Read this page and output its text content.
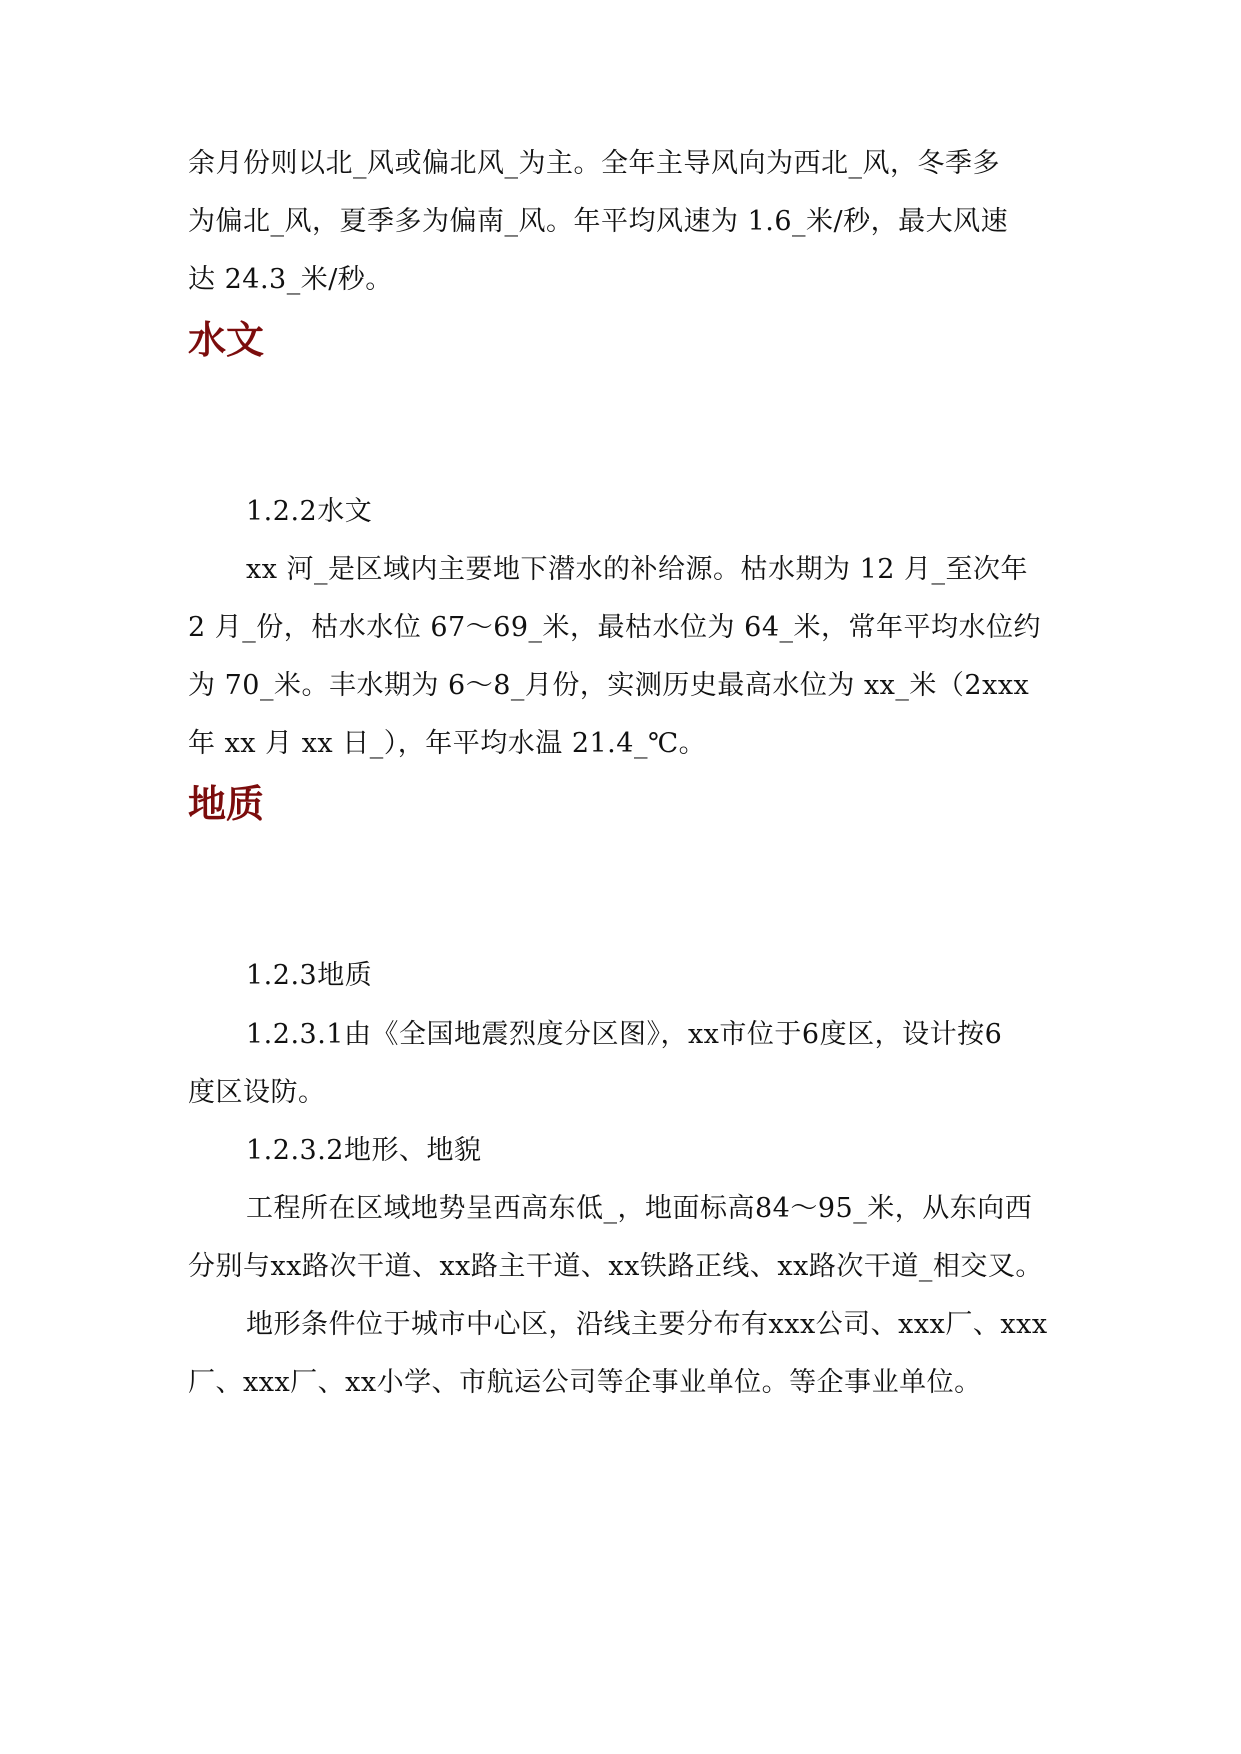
余月份则以北_风或偏北风_为主。全年主导风向为西北_风，冬季多
为偏北_风，夏季多为偏南_风。年平均风速为 1.6_米/秒，最大风速
达 24.3_米/秒。
水文
1.2.2水文
xx 河_是区域内主要地下潜水的补给源。枯水期为 12 月_至次年
2 月_份，枯水水位 67～69_米，最枯水位为 64_米，常年平均水位约
为 70_米。丰水期为 6～8_月份，实测历史最高水位为 xx_米（2xxx
年 xx 月 xx 日_），年平均水温 21.4_℃。
地质
1.2.3地质
1.2.3.1由《全国地震烈度分区图》，xx市位于6度区，设计按6
度区设防。
1.2.3.2地形、地貌
工程所在区域地势呈西高东低_，地面标高84～95_米，从东向西
分别与xx路次干道、xx路主干道、xx铁路正线、xx路次干道_相交叉。
地形条件位于城市中心区，沿线主要分布有xxx公司、xxx厂、xxx
厂、xxx厂、xx小学、市航运公司等企事业单位。等企事业单位。
